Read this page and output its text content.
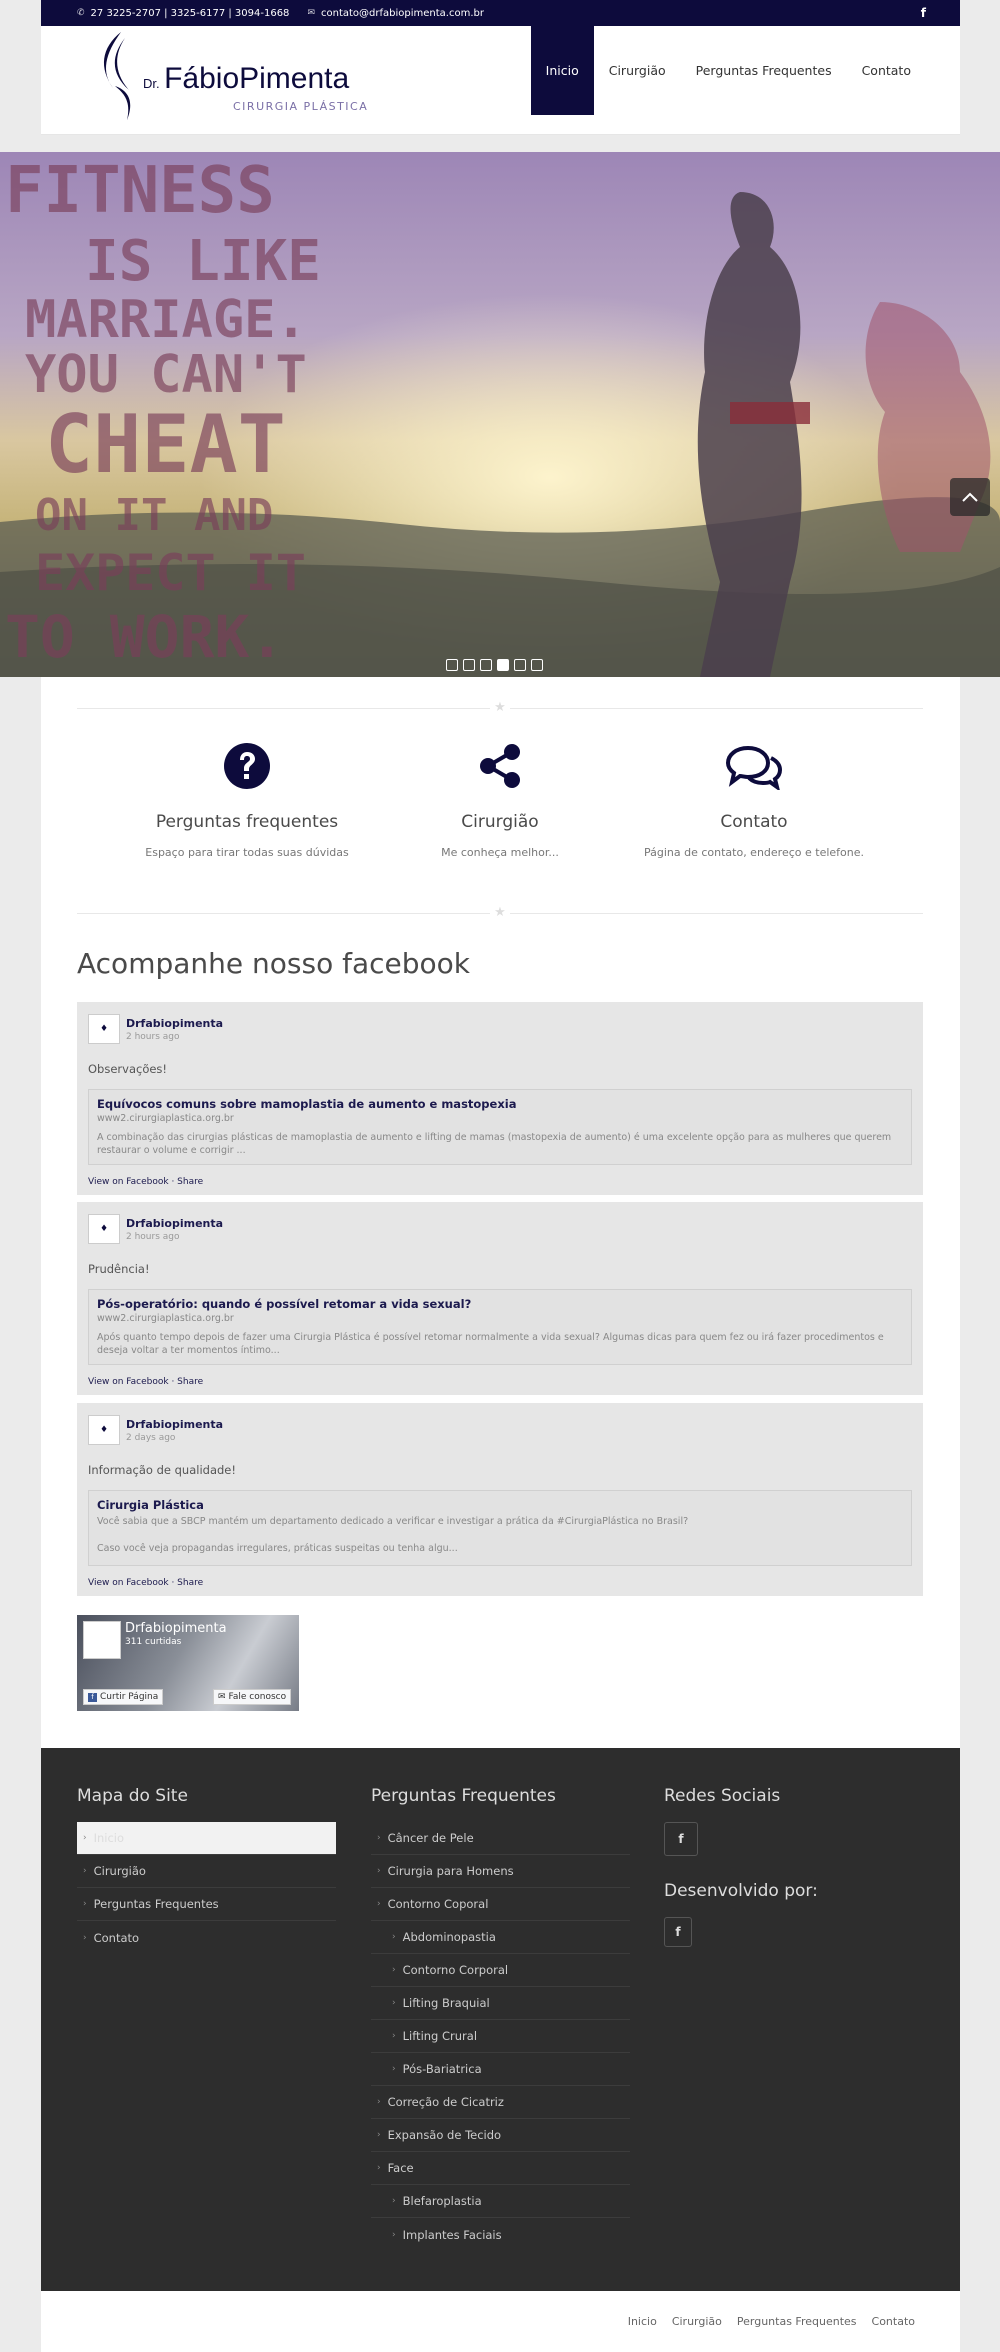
✆ 27 3225-2707 | 3325-6177 | 3094-1668 ✉ contato@drfabiopimenta.com.br	f
Dr. FábioPimenta
CIRURGIA PLÁSTICA
Inicio	Cirurgião	Perguntas Frequentes	Contato
FITNESS
IS LIKE
MARRIAGE.
YOU CAN'T
CHEAT
ON IT AND
EXPECT IT
TO WORK.
★
Perguntas frequentes
Espaço para tirar todas suas dúvidas
Cirurgião
Me conheça melhor...
Contato
Página de contato, endereço e telefone.
★
Acompanhe nosso facebook
♦ Drfabiopimenta
2 hours ago
Observações!
Equívocos comuns sobre mamoplastia de aumento e mastopexia
www2.cirurgiaplastica.org.br
A combinação das cirurgias plásticas de mamoplastia de aumento e lifting de mamas (mastopexia de aumento) é uma excelente opção para as mulheres que querem restaurar o volume e corrigir ...
View on Facebook · Share
♦ Drfabiopimenta
2 hours ago
Prudência!
Pós-operatório: quando é possível retomar a vida sexual?
www2.cirurgiaplastica.org.br
Após quanto tempo depois de fazer uma Cirurgia Plástica é possível retomar normalmente a vida sexual? Algumas dicas para quem fez ou irá fazer procedimentos e deseja voltar a ter momentos íntimo...
View on Facebook · Share
♦ Drfabiopimenta
2 days ago
Informação de qualidade!
Cirurgia Plástica
Você sabia que a SBCP mantém um departamento dedicado a verificar e investigar a prática da #CirurgiaPlástica no Brasil?
Caso você veja propagandas irregulares, práticas suspeitas ou tenha algu...
View on Facebook · Share
Drfabiopimenta
311 curtidas
f Curtir Página	✉ Fale conosco
Mapa do Site
› Inicio
› Cirurgião
› Perguntas Frequentes
› Contato
Perguntas Frequentes
› Câncer de Pele
› Cirurgia para Homens
› Contorno Coporal
› Abdominopastia
› Contorno Corporal
› Lifting Braquial
› Lifting Crural
› Pós-Bariatrica
› Correção de Cicatriz
› Expansão de Tecido
› Face
› Blefaroplastia
› Implantes Faciais
Redes Sociais
f
Desenvolvido por:
f
Inicio Cirurgião Perguntas Frequentes Contato
